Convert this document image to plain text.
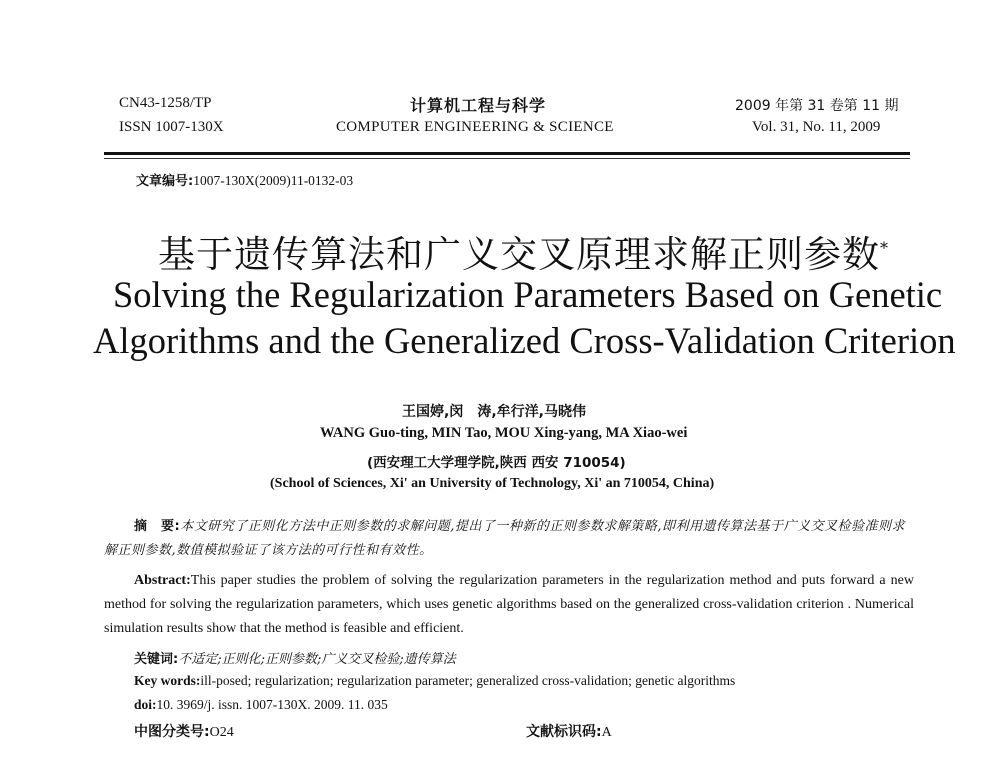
CN43-1258/TP
ISSN 1007-130X
计算机工程与科学
COMPUTER ENGINEERING & SCIENCE
2009 年第 31 卷第 11 期
Vol. 31, No. 11, 2009
文章编号:1007-130X(2009)11-0132-03
基于遗传算法和广义交叉原理求解正则参数*
Solving the Regularization Parameters Based on Genetic
Algorithms and the Generalized Cross-Validation Criterion
王国婷,闵　涛,牟行洋,马晓伟
WANG Guo-ting, MIN Tao, MOU Xing-yang, MA Xiao-wei
(西安理工大学理学院,陕西 西安 710054)
(School of Sciences, Xi' an University of Technology, Xi' an 710054, China)
摘　要:本文研究了正则化方法中正则参数的求解问题,提出了一种新的正则参数求解策略,即利用遗传算法基于广义交叉检验准则求解正则参数,数值模拟验证了该方法的可行性和有效性。
Abstract:This paper studies the problem of solving the regularization parameters in the regularization method and puts forward a new method for solving the regularization parameters, which uses genetic algorithms based on the generalized cross-validation criterion . Numerical simulation results show that the method is feasible and efficient.
关键词:不适定;正则化;正则参数;广义交叉检验;遗传算法
Key words:ill-posed; regularization; regularization parameter; generalized cross-validation; genetic algorithms
doi:10. 3969/j. issn. 1007-130X. 2009. 11. 035
中图分类号:O24	文献标识码:A
